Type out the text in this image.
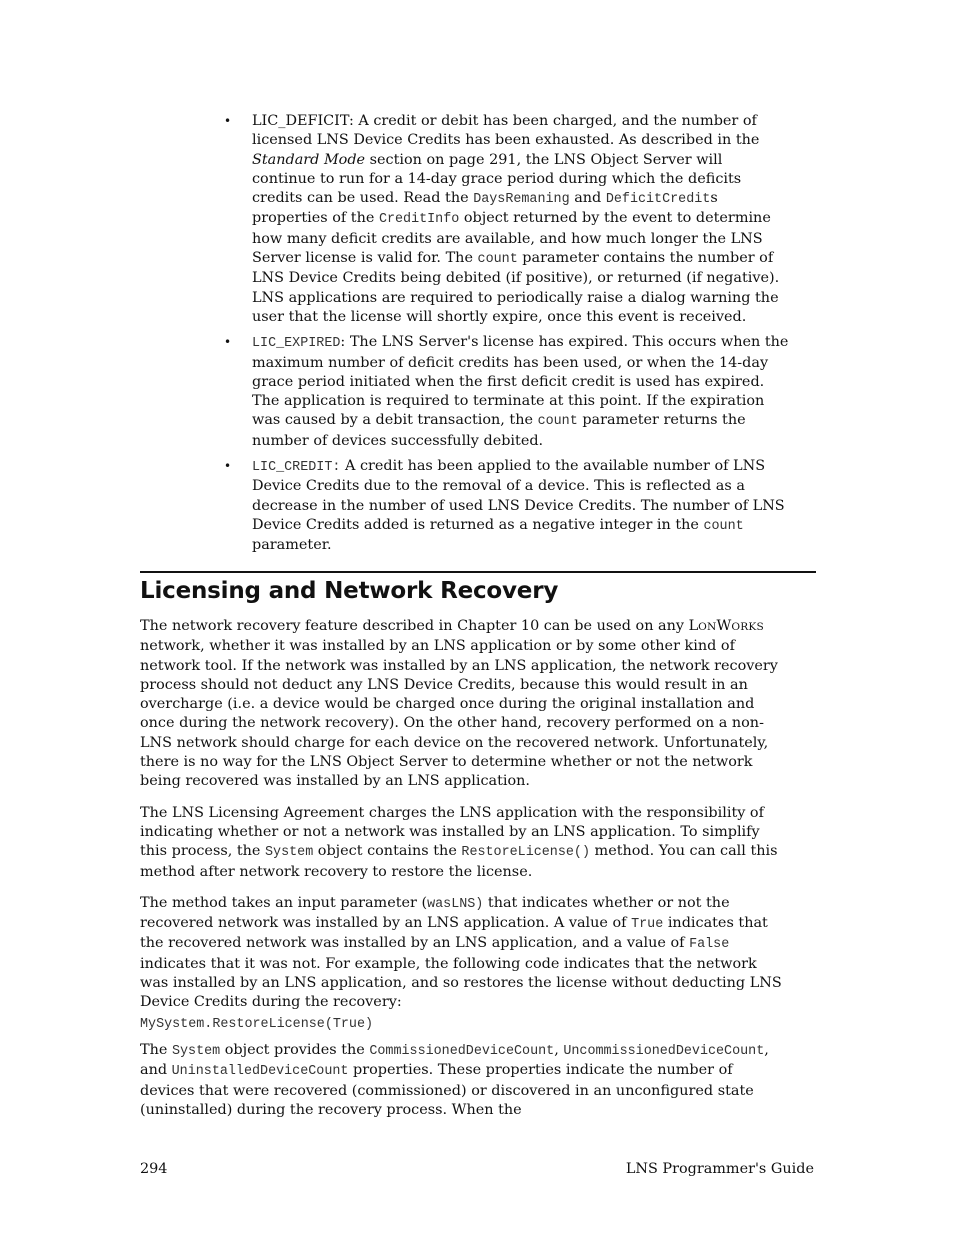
• LIC_DEFICIT: A credit or debit has been charged, and the number of licensed LNS Device Credits has been exhausted. As described in the Standard Mode section on page 291, the LNS Object Server will continue to run for a 14-day grace period during which the deficits credits can be used. Read the DaysRemaning and DeficitCredits properties of the CreditInfo object returned by the event to determine how many deficit credits are available, and how much longer the LNS Server license is valid for. The count parameter contains the number of LNS Device Credits being debited (if positive), or returned (if negative). LNS applications are required to periodically raise a dialog warning the user that the license will shortly expire, once this event is received.
• LIC_EXPIRED: The LNS Server's license has expired. This occurs when the maximum number of deficit credits has been used, or when the 14-day grace period initiated when the first deficit credit is used has expired. The application is required to terminate at this point. If the expiration was caused by a debit transaction, the count parameter returns the number of devices successfully debited.
• LIC_CREDIT: A credit has been applied to the available number of LNS Device Credits due to the removal of a device. This is reflected as a decrease in the number of used LNS Device Credits. The number of LNS Device Credits added is returned as a negative integer in the count parameter.
Licensing and Network Recovery

The network recovery feature described in Chapter 10 can be used on any LONWORKS network, whether it was installed by an LNS application or by some other kind of network tool. If the network was installed by an LNS application, the network recovery process should not deduct any LNS Device Credits, because this would result in an overcharge (i.e. a device would be charged once during the original installation and once during the network recovery). On the other hand, recovery performed on a non-LNS network should charge for each device on the recovered network. Unfortunately, there is no way for the LNS Object Server to determine whether or not the network being recovered was installed by an LNS application.

The LNS Licensing Agreement charges the LNS application with the responsibility of indicating whether or not a network was installed by an LNS application. To simplify this process, the System object contains the RestoreLicense() method. You can call this method after network recovery to restore the license.

The method takes an input parameter (wasLNS) that indicates whether or not the recovered network was installed by an LNS application. A value of True indicates that the recovered network was installed by an LNS application, and a value of False indicates that it was not. For example, the following code indicates that the network was installed by an LNS application, and so restores the license without deducting LNS Device Credits during the recovery:

MySystem.RestoreLicense(True)

The System object provides the CommissionedDeviceCount, UncommissionedDeviceCount, and UninstalledDeviceCount properties. These properties indicate the number of devices that were recovered (commissioned) or discovered in an unconfigured state (uninstalled) during the recovery process. When the

294	LNS Programmer's Guide
